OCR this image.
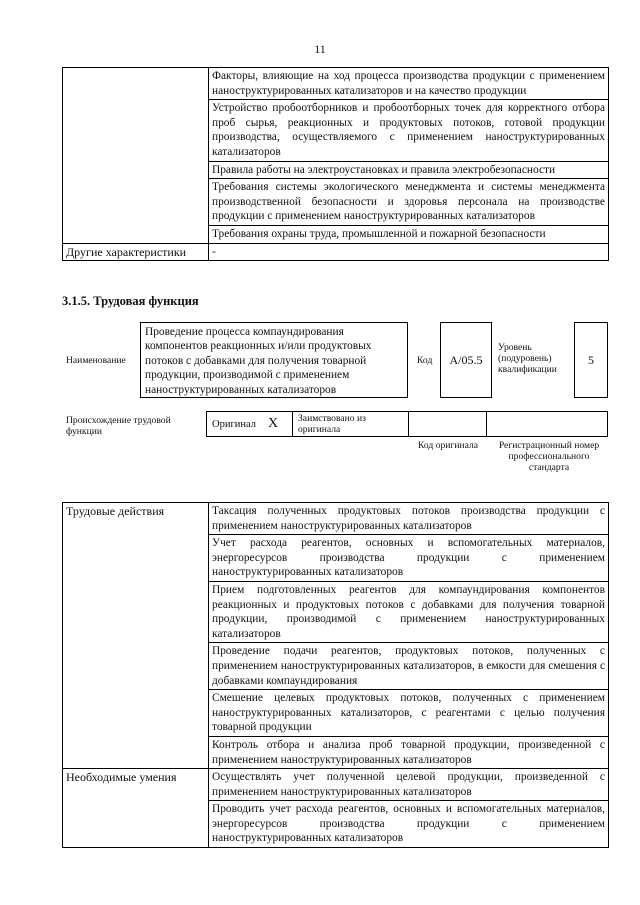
11
	Факторы, влияющие на ход процесса производства продукции с применением наноструктурированных катализаторов и на качество продукции
	Устройство пробоотборников и пробоотборных точек для корректного отбора проб сырья, реакционных и продуктовых потоков, готовой продукции производства, осуществляемого с применением наноструктурированных катализаторов
	Правила работы на электроустановках и правила электробезопасности
	Требования системы экологического менеджмента и системы менеджмента производственной безопасности и здоровья персонала на производстве продукции с применением наноструктурированных катализаторов
	Требования охраны труда, промышленной и пожарной безопасности
Другие характеристики	-
3.1.5. Трудовая функция
Наименование
Проведение процесса компаундирования компонентов реакционных и/или продуктовых потоков с добавками для получения товарной продукции, производимой с применением наноструктурированных катализаторов
Код	А/05.5
Уровень (подуровень) квалификации
5
Происхождение трудовой функции
Оригинал X Заимствовано из оригинала
Код оригинала	Регистрационный номер профессионального стандарта
Трудовые действия	Таксация полученных продуктовых потоков производства продукции с применением наноструктурированных катализаторов
	Учет расхода реагентов, основных и вспомогательных материалов, энергоресурсов производства продукции с применением наноструктурированных катализаторов
	Прием подготовленных реагентов для компаундирования компонентов реакционных и продуктовых потоков с добавками для получения товарной продукции, производимой с применением наноструктурированных катализаторов
	Проведение подачи реагентов, продуктовых потоков, полученных с применением наноструктурированных катализаторов, в емкости для смешения с добавками компаундирования
	Смешение целевых продуктовых потоков, полученных с применением наноструктурированных катализаторов, с реагентами с целью получения товарной продукции
	Контроль отбора и анализа проб товарной продукции, произведенной с применением наноструктурированных катализаторов
Необходимые умения	Осуществлять учет полученной целевой продукции, произведенной с применением наноструктурированных катализаторов
	Проводить учет расхода реагентов, основных и вспомогательных материалов, энергоресурсов производства продукции с применением наноструктурированных катализаторов
